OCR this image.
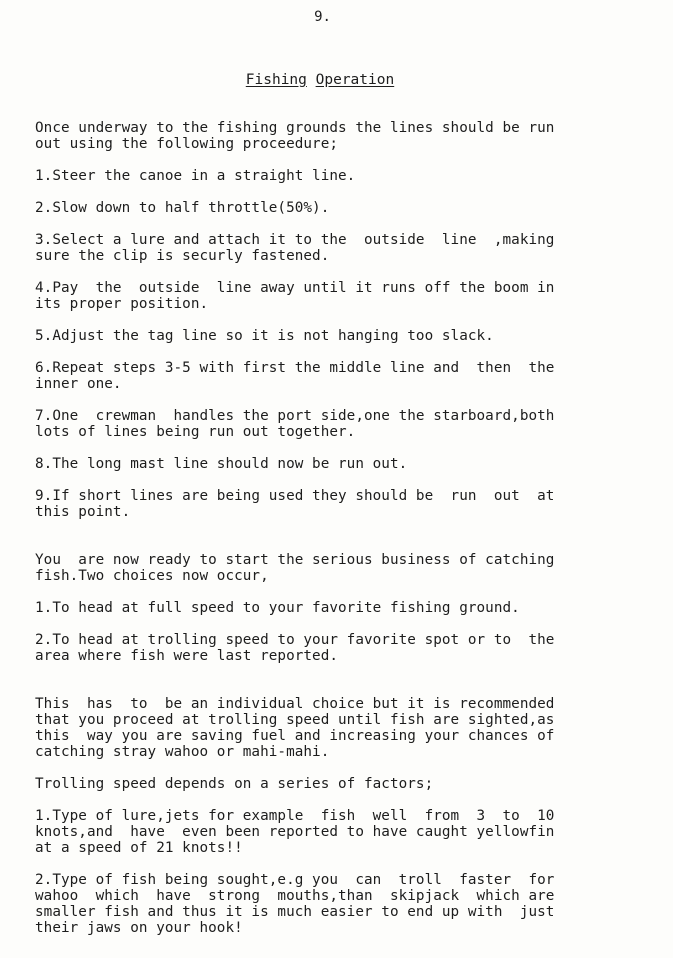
9.
Fishing Operation
Once underway to the fishing grounds the lines should be run
out using the following proceedure;
1.Steer the canoe in a straight line.
2.Slow down to half throttle(50%).
3.Select a lure and attach it to the  outside  line  ,making
sure the clip is securly fastened.
4.Pay  the  outside  line away until it runs off the boom in
its proper position.
5.Adjust the tag line so it is not hanging too slack.
6.Repeat steps 3-5 with first the middle line and  then  the
inner one.
7.One  crewman  handles the port side,one the starboard,both
lots of lines being run out together.
8.The long mast line should now be run out.
9.If short lines are being used they should be  run  out  at
this point.
You  are now ready to start the serious business of catching
fish.Two choices now occur,
1.To head at full speed to your favorite fishing ground.
2.To head at trolling speed to your favorite spot or to  the
area where fish were last reported.
This  has  to  be an individual choice but it is recommended
that you proceed at trolling speed until fish are sighted,as
this  way you are saving fuel and increasing your chances of
catching stray wahoo or mahi-mahi.
Trolling speed depends on a series of factors;
1.Type of lure,jets for example  fish  well  from  3  to  10
knots,and  have  even been reported to have caught yellowfin
at a speed of 21 knots!!
2.Type of fish being sought,e.g you  can  troll  faster  for
wahoo  which  have  strong  mouths,than  skipjack  which are
smaller fish and thus it is much easier to end up with  just
their jaws on your hook!
